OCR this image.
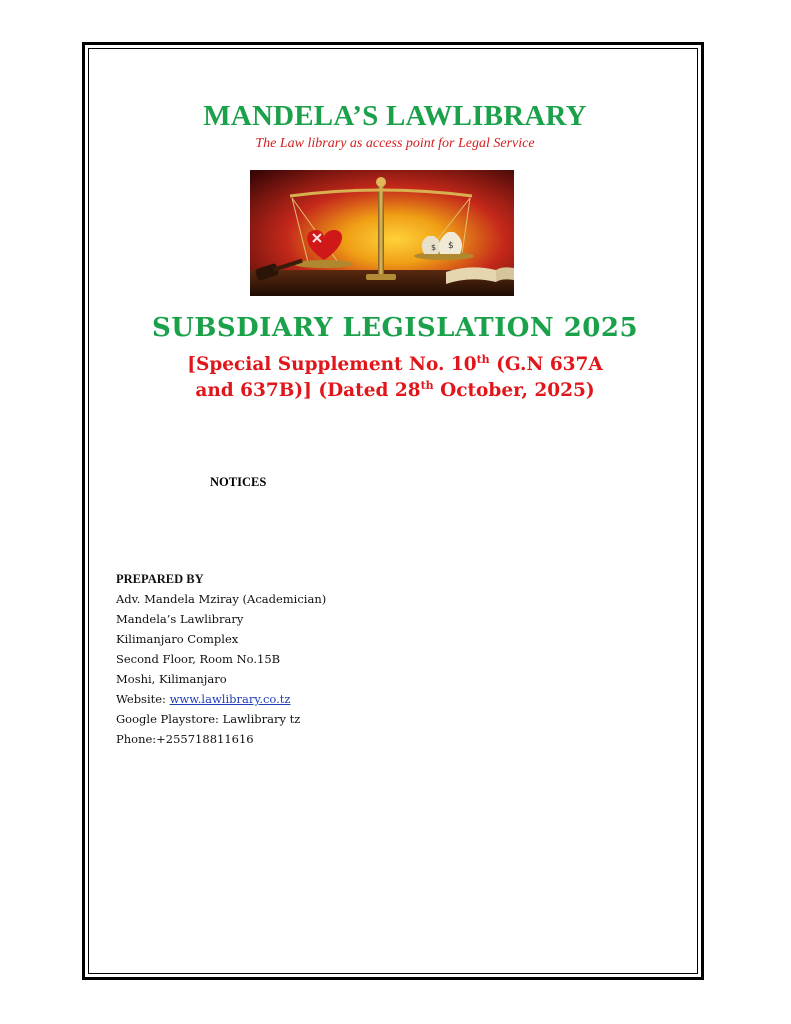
MANDELA’S LAWLIBRARY
The Law library as access point for Legal Service
$ $
SUBSDIARY LEGISLATION 2025
[Special Supplement No. 10th (G.N 637A
and 637B)] (Dated 28th October, 2025)
NOTICES
PREPARED BY
Adv. Mandela Mziray (Academician)
Mandela’s Lawlibrary
Kilimanjaro Complex
Second Floor, Room No.15B
Moshi, Kilimanjaro
Website: www.lawlibrary.co.tz
Google Playstore: Lawlibrary tz
Phone:+255718811616
